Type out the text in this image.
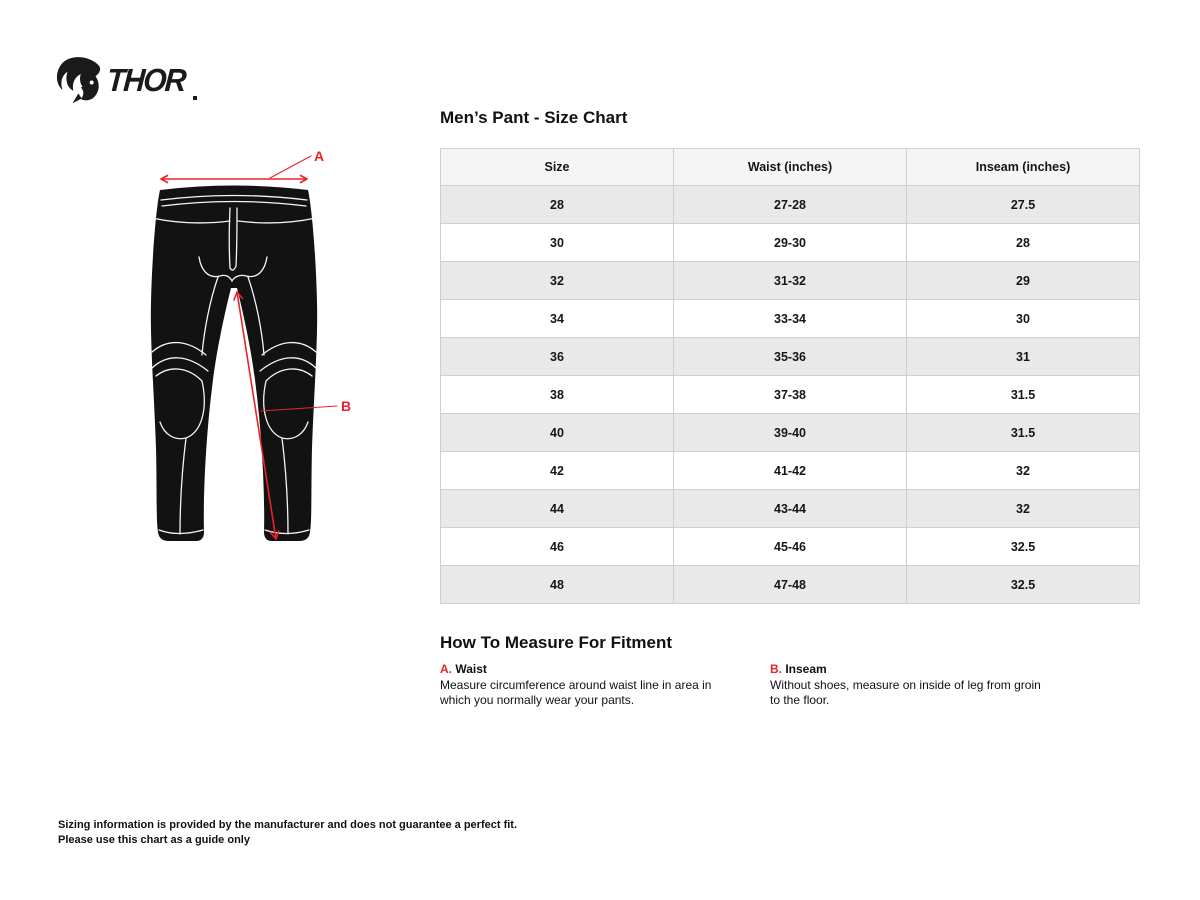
THOR
A
B
Men’s Pant - Size Chart
Size	Waist (inches)	Inseam (inches)
28	27-28	27.5
30	29-30	28
32	31-32	29
34	33-34	30
36	35-36	31
38	37-38	31.5
40	39-40	31.5
42	41-42	32
44	43-44	32
46	45-46	32.5
48	47-48	32.5
How To Measure For Fitment
A. Waist
Measure circumference around waist line in area in which you normally wear your pants.
B. Inseam
Without shoes, measure on inside of leg from groin to the floor.
Sizing information is provided by the manufacturer and does not guarantee a perfect fit.
Please use this chart as a guide only
